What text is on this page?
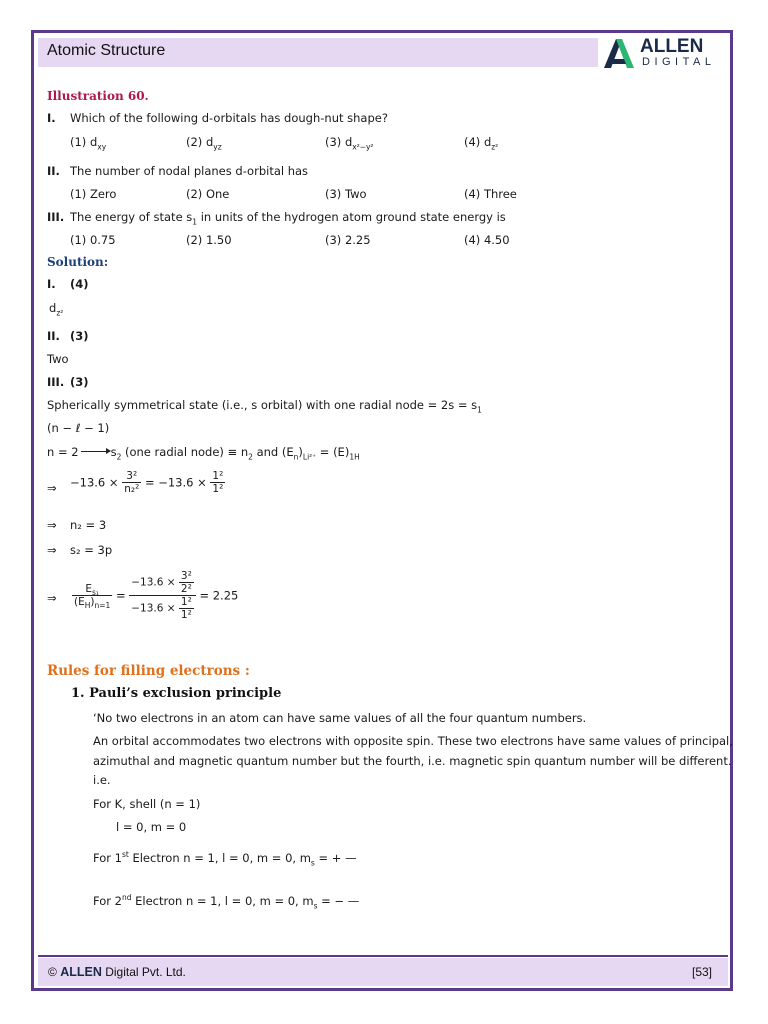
Atomic Structure	ALLEN
DIGITAL
Illustration 60.
I. Which of the following d-orbitals has dough-nut shape?
(1) $d_{xy}$	(2) $d_{yz}$	(3) $d_{x^2-y^2}$	(4) $d_{z^2}$
II. The number of nodal planes d-orbital has
(1) Zero	(2) One	(3) Two	(4) Three
III. The energy of state $s_1$ in units of the hydrogen atom ground state energy is
(1) 0.75	(2) 1.50	(3) 2.25	(4) 4.50
Solution:
I. (4)
$d_{z^2}$
II. (3)
Two
III. (3)
Spherically symmetrical state (i.e., s orbital) with one radial node = $2s = s_1$
(n − ℓ − 1)
n = 2	$s_2$ (one radial node) ≡ $n_2$ and $(E_n)_{Li^{2+}} = (E)_{1H}$
⇒ $-13.6 \times \frac{\text{3²}}{\text{n₂²}} = -13.6 \times \frac{\text{1²}}{\text{1²}}$
⇒ n₂ = 3
⇒ s₂ = 3p
⇒ $\frac{E_{s_1}}{(E_H)_{n=1}} = \frac{-13.6 \times \frac{\text{3²}}{\text{2²}}}{-13.6 \times \frac{\text{1²}}{\text{1²}}} = 2.25$
Rules for filling electrons :
1. Pauli’s exclusion principle
‘No two electrons in an atom can have same values of all the four quantum numbers.
An orbital accommodates two electrons with opposite spin. These two electrons have same values of principal,
azimuthal and magnetic quantum number but the fourth, i.e. magnetic spin quantum number will be different.
i.e.
For K, shell (n = 1)
l = 0, m = 0
For 1st Electron n = 1, l = 0, m = 0, $m_s$ = + —
For 2nd Electron n = 1, l = 0, m = 0, $m_s$ = − —
© ALLEN Digital Pvt. Ltd.	[53]
